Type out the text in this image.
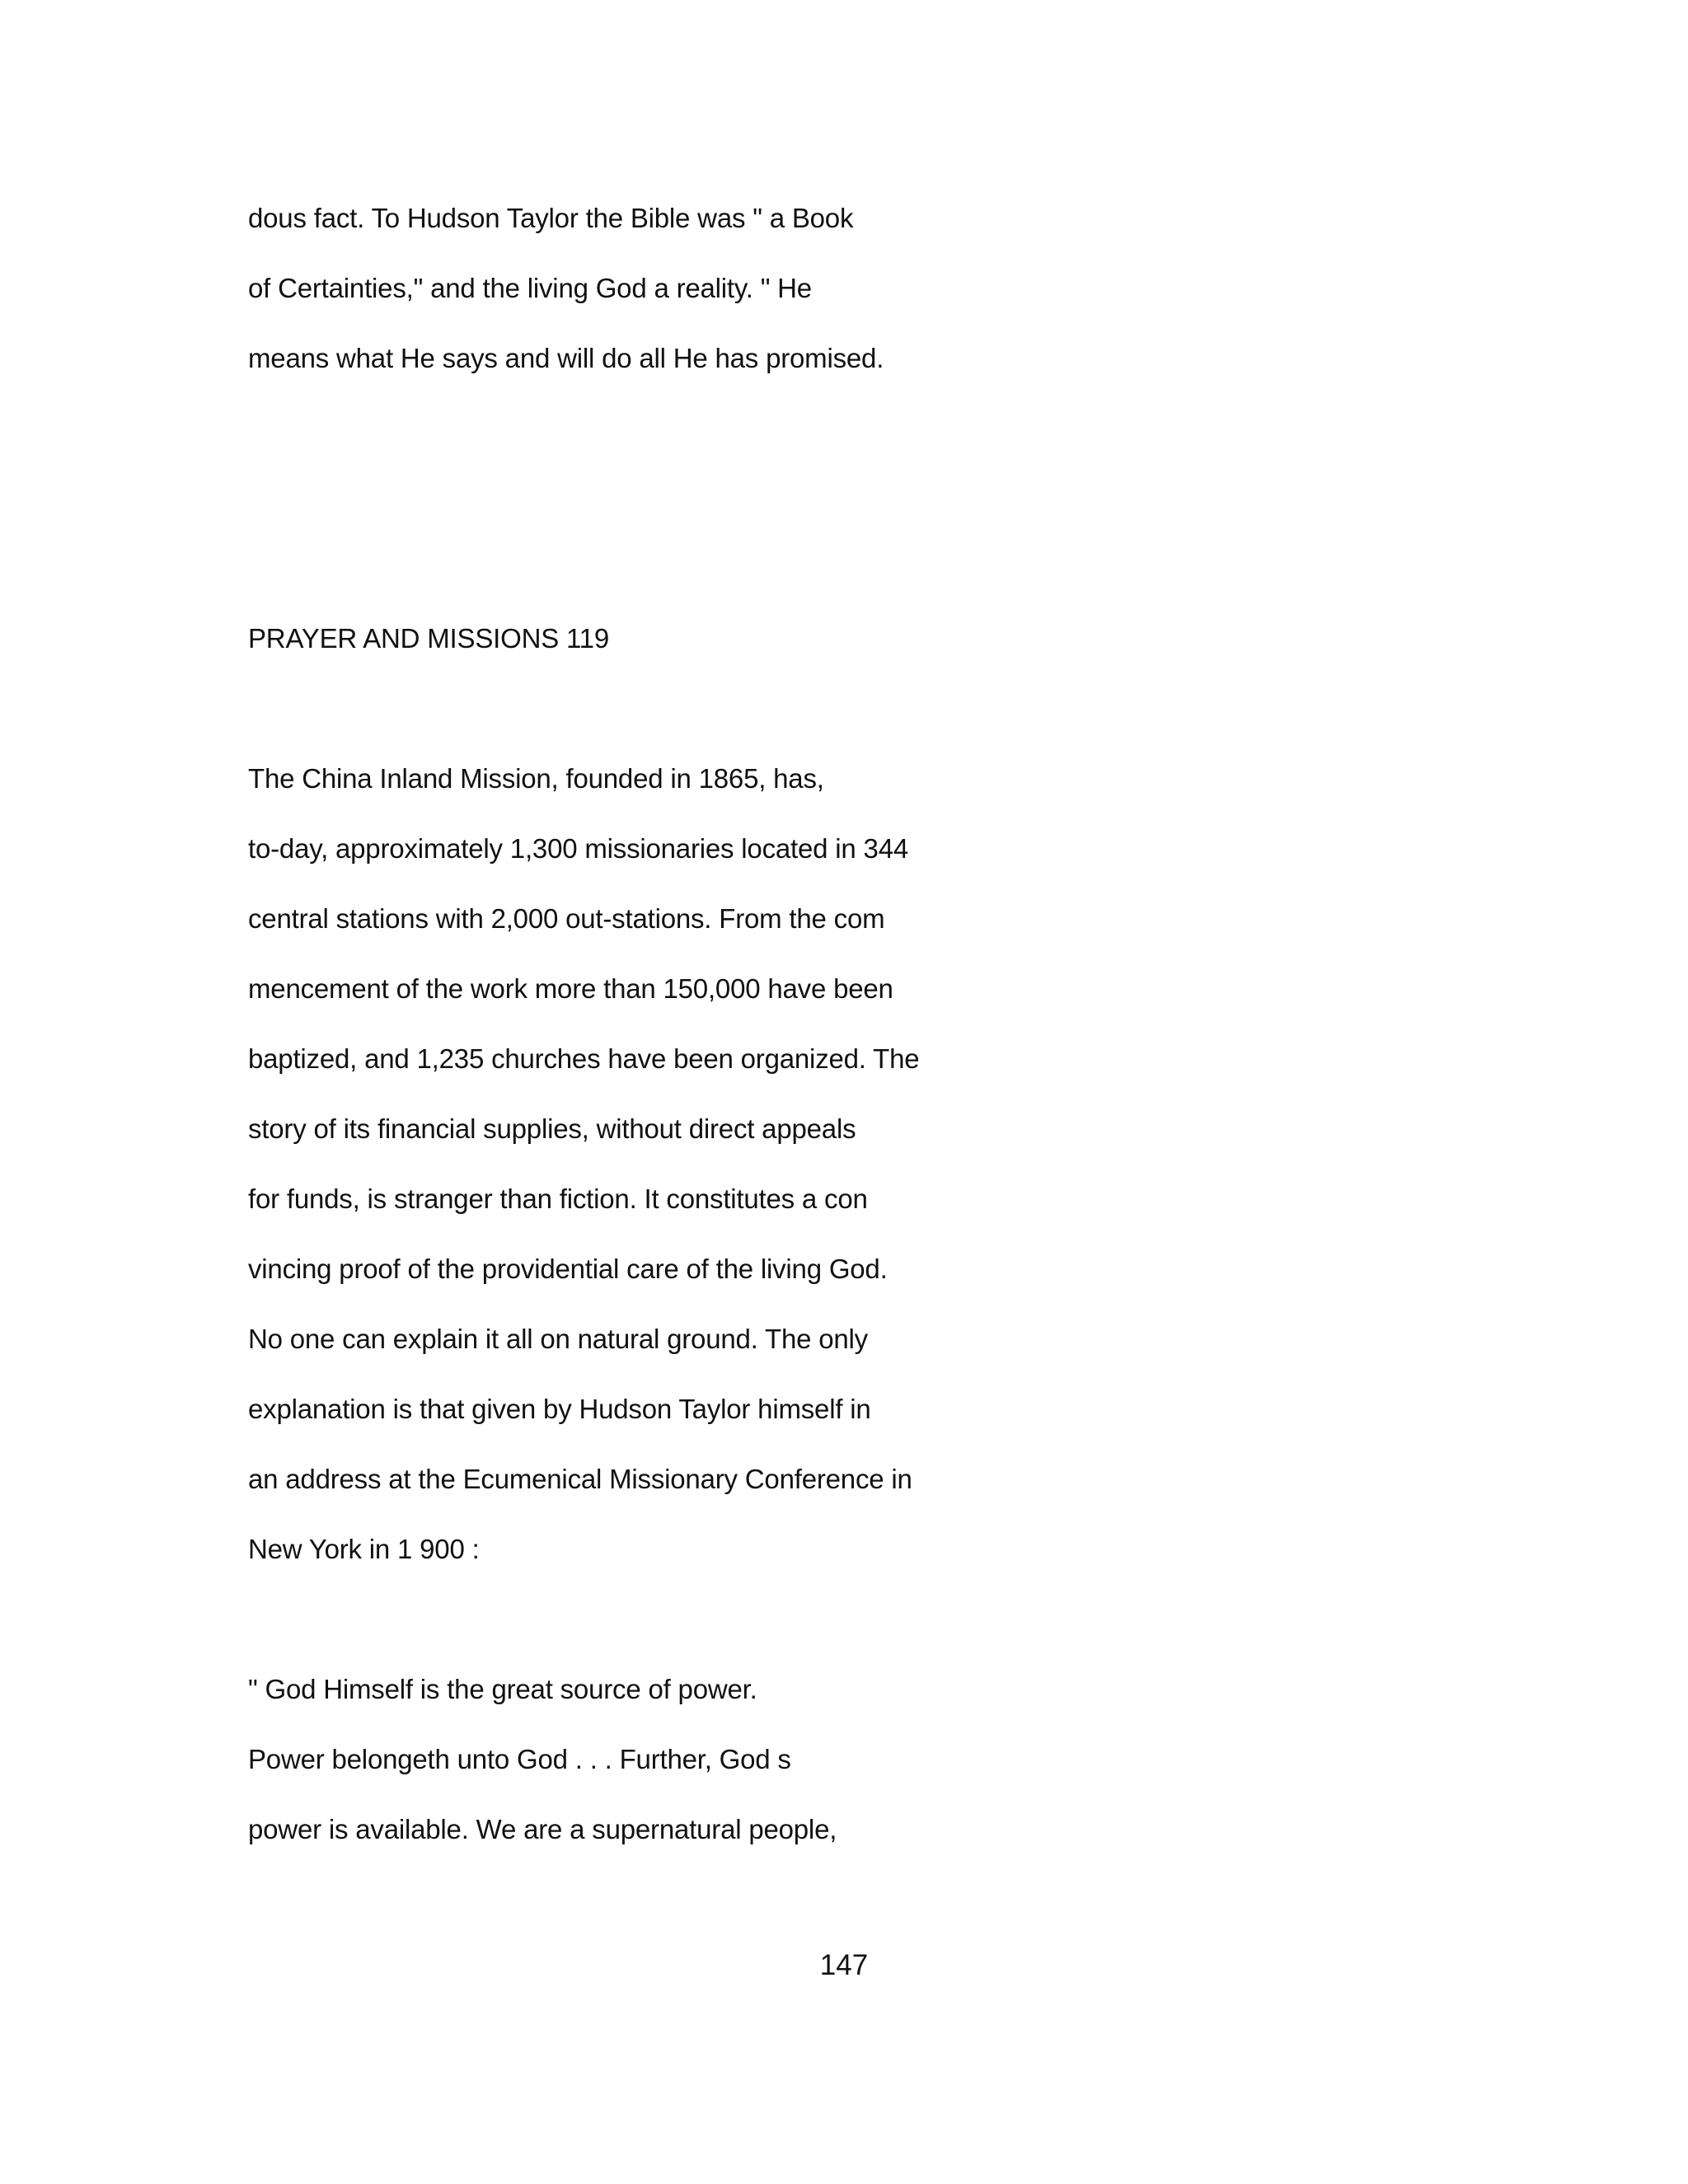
dous fact. To Hudson Taylor the Bible was " a Book

of Certainties," and the living God a reality. " He

means what He says and will do all He has promised.

PRAYER AND MISSIONS 119

The China Inland Mission, founded in 1865, has,

to-day, approximately 1,300 missionaries located in 344

central stations with 2,000 out-stations. From the com

mencement of the work more than 150,000 have been

baptized, and 1,235 churches have been organized. The

story of its financial supplies, without direct appeals

for funds, is stranger than fiction. It constitutes a con

vincing proof of the providential care of the living God.

No one can explain it all on natural ground. The only

explanation is that given by Hudson Taylor himself in

an address at the Ecumenical Missionary Conference in

New York in 1 900 :

" God Himself is the great source of power.

Power belongeth unto God . . . Further, God s

power is available. We are a supernatural people,

147
